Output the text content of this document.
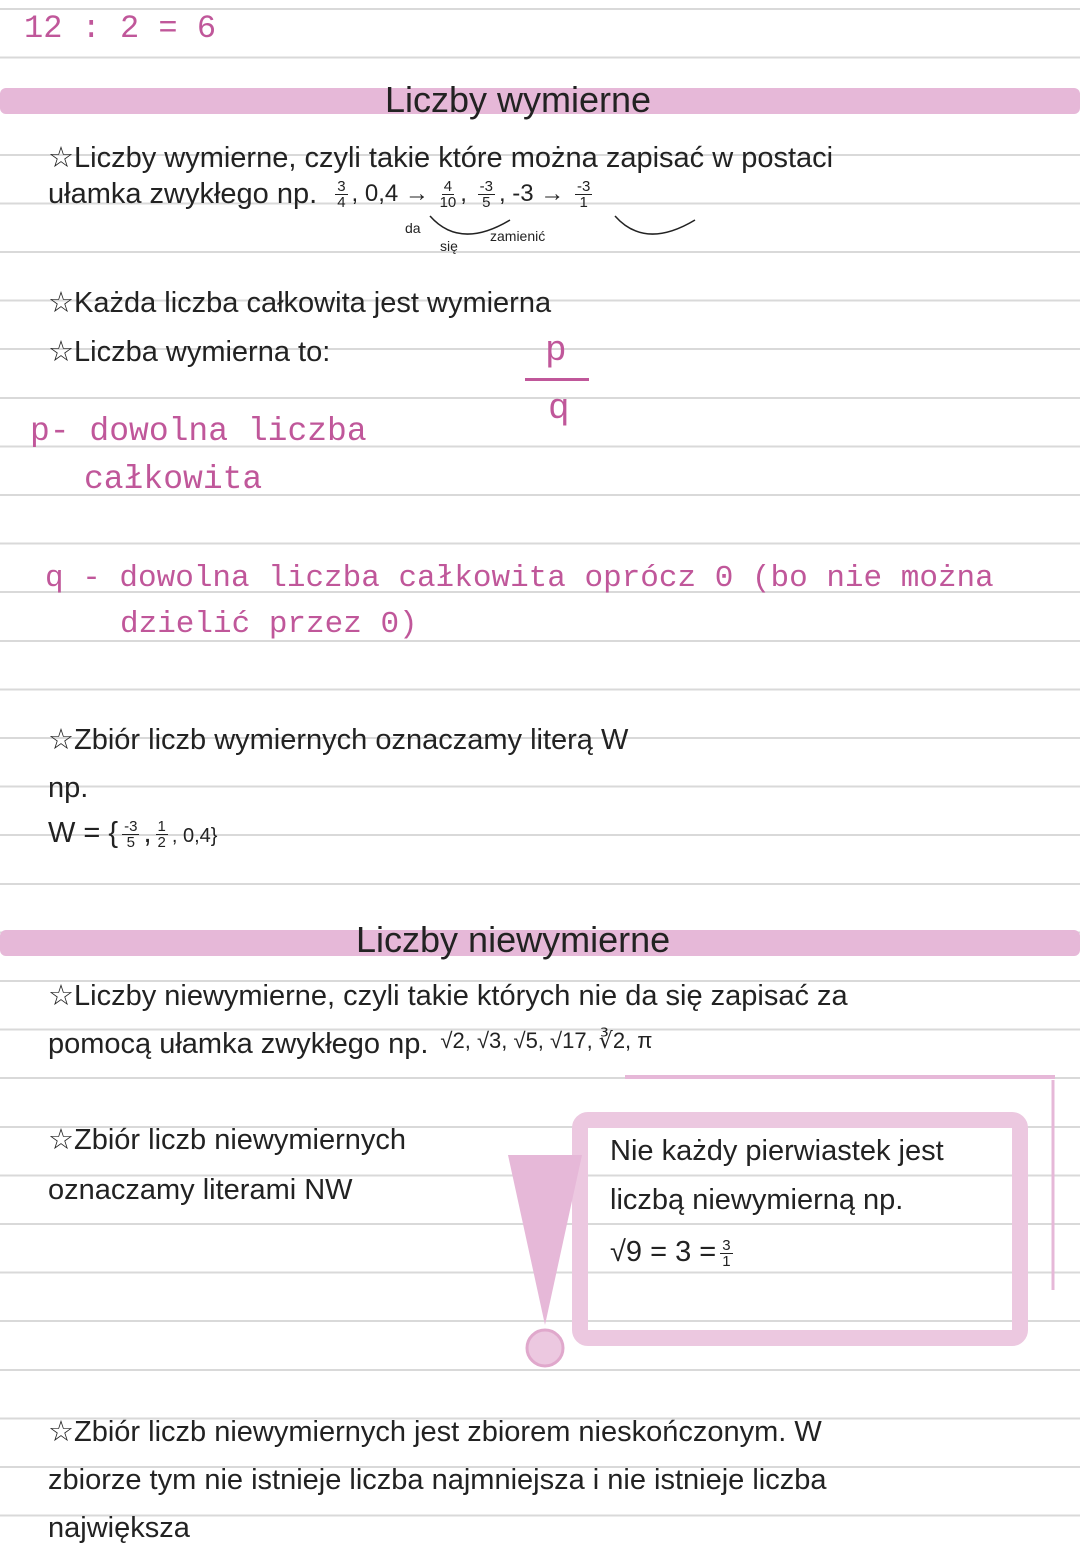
12 : 2 = 6
Liczby wymierne
☆Liczby wymierne, czyli takie które można zapisać w postaci
ułamka zwykłego np. $\frac{3}{4}$ , $0,4 \to \frac{4}{10}$ , $\frac{-3}{5}$ , $-3 \to \frac{-3}{1}$
da
się
zamienić
☆Każda liczba całkowita jest wymierna
☆Liczba wymierna to:	p
q
p- dowolna liczba
całkowita
q - dowolna liczba całkowita oprócz 0 (bo nie można
dzielić przez 0)
☆Zbiór liczb wymiernych oznaczamy literą W
np.
W = { $\frac{-3}{5}$ , $\frac{1}{2}$ , 0,4}
Liczby niewymierne
☆Liczby niewymierne, czyli takie których nie da się zapisać za
pomocą ułamka zwykłego np. √2, √3, √5, √17, ∛2, π
☆Zbiór liczb niewymiernych
oznaczamy literami NW
Nie każdy pierwiastek jest
liczbą niewymierną np.
$√9 = 3 = \frac{3}{1}$
☆Zbiór liczb niewymiernych jest zbiorem nieskończonym. W
zbiorze tym nie istnieje liczba najmniejsza i nie istnieje liczba
największa
